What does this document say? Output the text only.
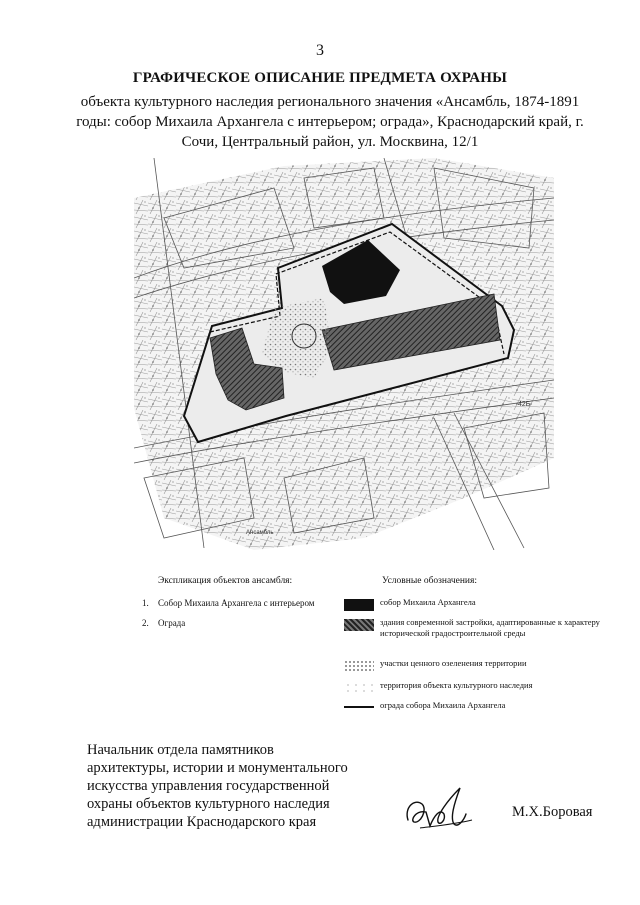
3
ГРАФИЧЕСКОЕ ОПИСАНИЕ ПРЕДМЕТА ОХРАНЫ
объекта культурного наследия регионального значения «Ансамбль, 1874-1891
годы: собор Михаила Архангела с интерьером; ограда», Краснодарский край, г.
Сочи, Центральный район, ул. Москвина, 12/1
42Б
Ансамбль
Экспликация объектов ансамбля:
1. Собор Михаила Архангела с интерьером
2. Ограда
Условные обозначения:
собор Михаила Архангела
здания современной застройки, адаптированные к характеру исторической градостроительной среды
участки ценного озеленения территории
территория объекта культурного наследия
ограда собора Михаила Архангела
Начальник отдела памятников
архитектуры, истории и монументального
искусства управления государственной
охраны объектов культурного наследия
администрации Краснодарского края
М.Х.Боровая
